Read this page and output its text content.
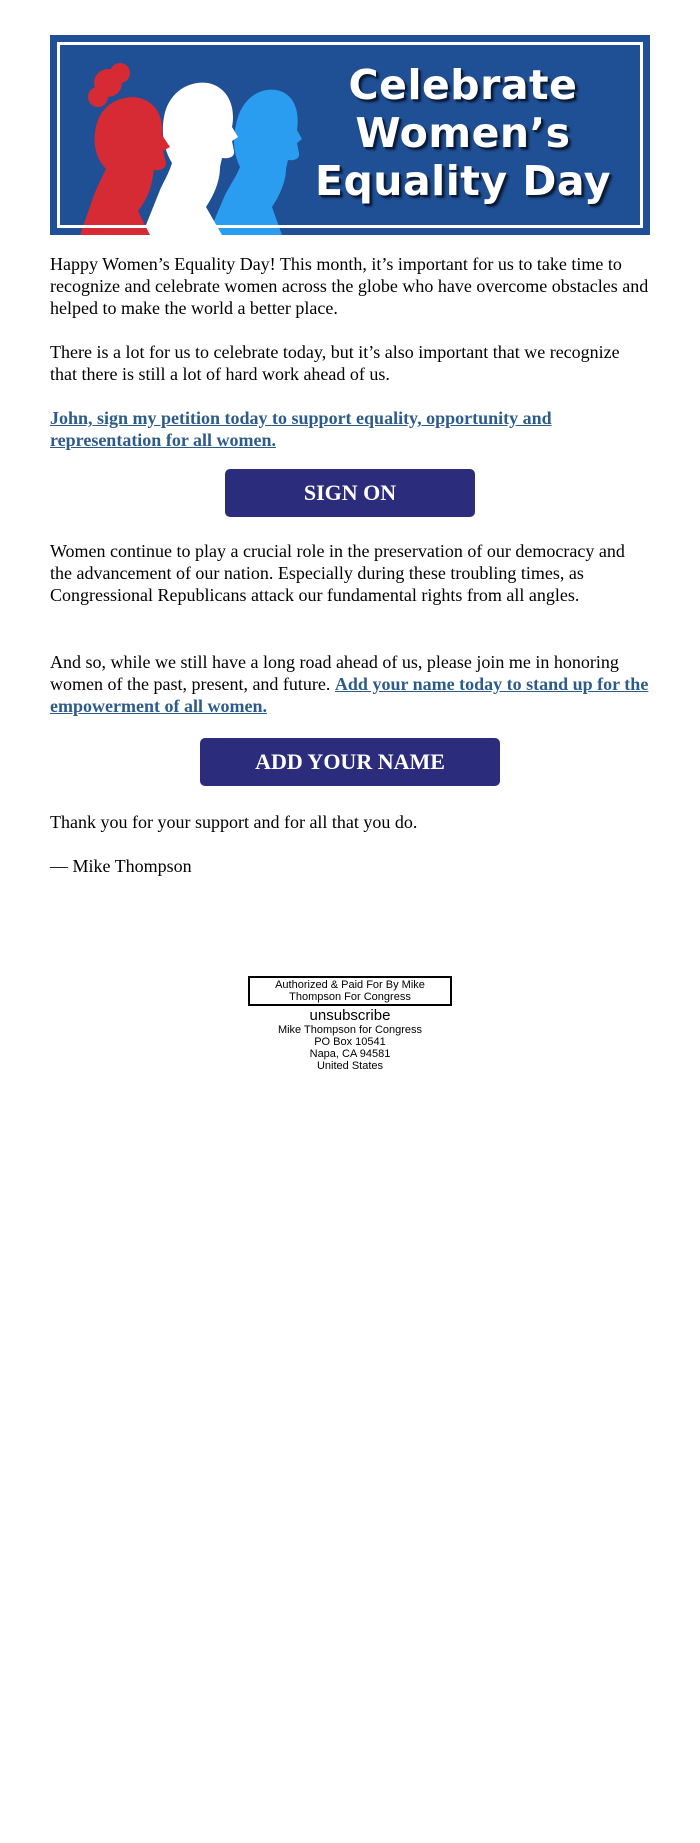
Celebrate
Women’s
Equality Day

Happy Women’s Equality Day! This month, it’s important for us to take time to recognize and celebrate women across the globe who have overcome obstacles and helped to make the world a better place.

There is a lot for us to celebrate today, but it’s also important that we recognize that there is still a lot of hard work ahead of us.

John, sign my petition today to support equality, opportunity and representation for all women.

SIGN ON

Women continue to play a crucial role in the preservation of our democracy and the advancement of our nation. Especially during these troubling times, as Congressional Republicans attack our fundamental rights from all angles.

And so, while we still have a long road ahead of us, please join me in honoring women of the past, present, and future. Add your name today to stand up for the empowerment of all women.

ADD YOUR NAME

Thank you for your support and for all that you do.

— Mike Thompson

Authorized & Paid For By Mike Thompson For Congress
unsubscribe
Mike Thompson for Congress
PO Box 10541
Napa, CA 94581
United States
